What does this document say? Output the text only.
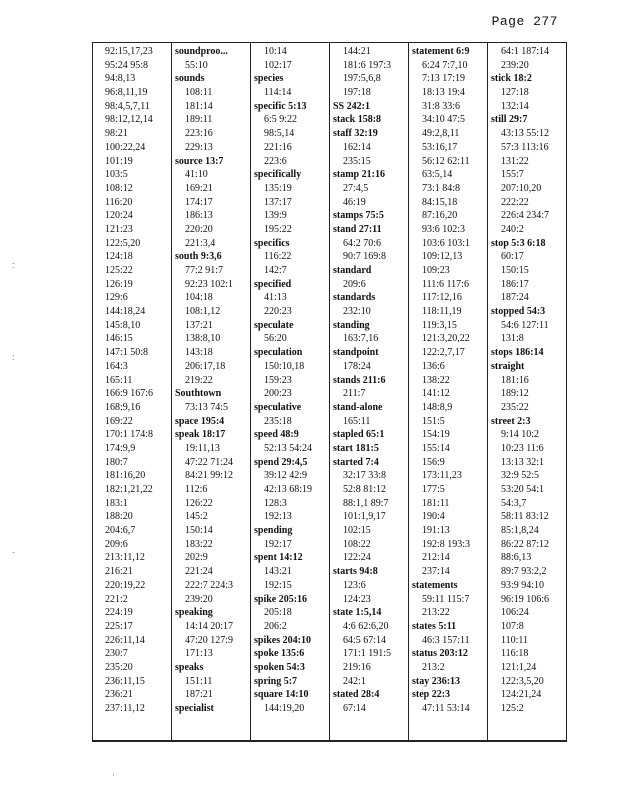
Page 277
:
:
.
·
92:15,17,23
95:24 95:8
94:8,13
96:8,11,19
98:4,5,7,11
98:12,12,14
98:21
100:22,24
101:19
103:5
108:12
116:20
120:24
121:23
122:5,20
124:18
125:22
126:19
129:6
144:18,24
145:8,10
146:15
147:1 50:8
164:3
165:11
166:9 167:6
168:9,16
169:22
170:1 174:8
174:9,9
180:7
181:16,20
182:1,21,22
183:1
188:20
204:6,7
209:6
213:11,12
216:21
220:19,22
221:2
224:19
225:17
226:11,14
230:7
235:20
236:11,15
236:21
237:11,12
soundproo...
55:10
sounds
108:11
181:14
189:11
223:16
229:13
source 13:7
41:10
169:21
174:17
186:13
220:20
221:3,4
south 9:3,6
77:2 91:7
92:23 102:1
104:18
108:1,12
137:21
138:8,10
143:18
206:17,18
219:22
Southtown
73:13 74:5
space 195:4
speak 18:17
19:11,13
47:22 71:24
84:21 99:12
112:6
126:22
145:2
150:14
183:22
202:9
221:24
222:7 224:3
239:20
speaking
14:14 20:17
47:20 127:9
171:13
speaks
151:11
187:21
specialist
10:14
102:17
species
114:14
specific 5:13
6:5 9:22
98:5,14
221:16
223:6
specifically
135:19
137:17
139:9
195:22
specifics
116:22
142:7
specified
41:13
220:23
speculate
56:20
speculation
150:10,18
159:23
200:23
speculative
235:18
speed 48:9
52:13 54:24
spend 29:4,5
39:12 42:9
42:13 68:19
128:3
192:13
spending
192:17
spent 14:12
143:21
192:15
spike 205:16
205:18
206:2
spikes 204:10
spoke 135:6
spoken 54:3
spring 5:7
square 14:10
144:19,20
144:21
181:6 197:3
197:5,6,8
197:18
SS 242:1
stack 158:8
staff 32:19
162:14
235:15
stamp 21:16
27:4,5
46:19
stamps 75:5
stand 27:11
64:2 70:6
90:7 169:8
standard
209:6
standards
232:10
standing
163:7,16
standpoint
178:24
stands 211:6
211:7
stand-alone
165:11
stapled 65:1
start 181:5
started 7:4
32:17 33:8
52:8 81:12
88:1,1 89:7
101:1,9,17
102:15
108:22
122:24
starts 94:8
123:6
124:23
state 1:5,14
4:6 62:6,20
64:5 67:14
171:1 191:5
219:16
242:1
stated 28:4
67:14
statement 6:9
6:24 7:7,10
7:13 17:19
18:13 19:4
31:8 33:6
34:10 47:5
49:2,8,11
53:16,17
56:12 62:11
63:5,14
73:1 84:8
84:15,18
87:16,20
93:6 102:3
103:6 103:1
109:12,13
109:23
111:6 117:6
117:12,16
118:11,19
119:3,15
121:3,20,22
122:2,7,17
136:6
138:22
141:12
148:8,9
151:5
154:19
155:14
156:9
173:11,23
177:5
181:11
190:4
191:13
192:8 193:3
212:14
237:14
statements
59:11 115:7
213:22
states 5:11
46:3 157:11
status 203:12
213:2
stay 236:13
step 22:3
47:11 53:14
64:1 187:14
239:20
stick 18:2
127:18
132:14
still 29:7
43:13 55:12
57:3 113:16
131:22
155:7
207:10,20
222:22
226:4 234:7
240:2
stop 5:3 6:18
60:17
150:15
186:17
187:24
stopped 54:3
54:6 127:11
131:8
stops 186:14
straight
181:16
189:12
235:22
street 2:3
9:14 10:2
10:23 11:6
13:13 32:1
32:9 52:5
53:20 54:1
54:3,7
58:11 83:12
85:1,8,24
86:22 87:12
88:6,13
89:7 93:2,2
93:9 94:10
96:19 106:6
106:24
107:8
110:11
116:18
121:1,24
122:3,5,20
124:21,24
125:2
